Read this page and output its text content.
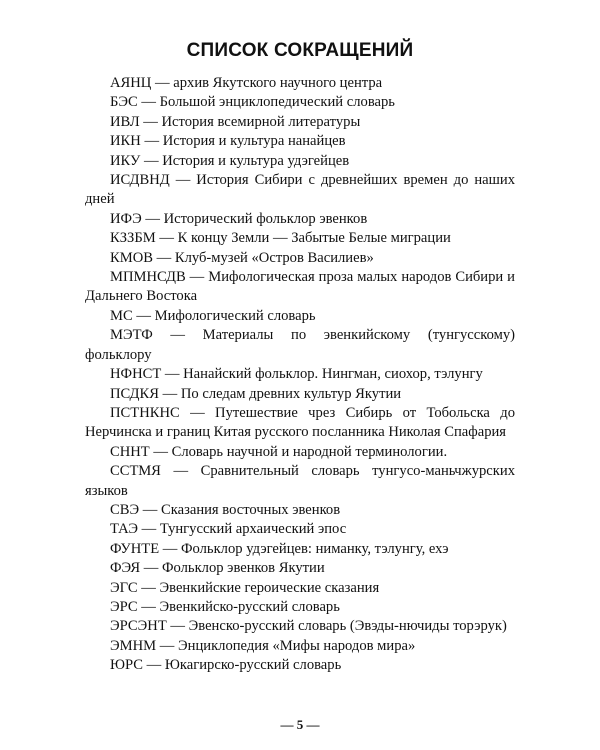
СПИСОК СОКРАЩЕНИЙ

АЯНЦ — архив Якутского научного центра

БЭС — Большой энциклопедический словарь

ИВЛ — История всемирной литературы

ИКН — История и культура нанайцев

ИКУ — История и культура удэгейцев

ИСДВНД — История Сибири с древнейших времен до наших дней

ИФЭ — Исторический фольклор эвенков

КЗЗБМ — К концу Земли — Забытые Белые миграции

КМОВ — Клуб-музей «Остров Василиев»

МПМНСДВ — Мифологическая проза малых народов Сибири и Дальнего Востока

МС — Мифологический словарь

МЭТФ — Материалы по эвенкийскому (тунгусскому) фольклору

НФНСТ — Нанайский фольклор. Нингман, сиохор, тэлунгу

ПСДКЯ — По следам древних культур Якутии

ПСТНКНС — Путешествие чрез Сибирь от Тобольска до Нерчинска и границ Китая русского посланника Николая Спафария

СННТ — Словарь научной и народной терминологии.

ССТМЯ — Сравнительный словарь тунгусо-маньчжурских языков

СВЭ — Сказания восточных эвенков

ТАЭ — Тунгусский архаический эпос

ФУНТЕ — Фольклор удэгейцев: ниманку, тэлунгу, ехэ

ФЭЯ — Фольклор эвенков Якутии

ЭГС — Эвенкийские героические сказания

ЭРС — Эвенкийско-русский словарь

ЭРСЭНТ — Эвенско-русский словарь (Эвэды-нючиды торэрук)

ЭМНМ — Энциклопедия «Мифы народов мира»

ЮРС — Юкагирско-русский словарь

— 5 —
